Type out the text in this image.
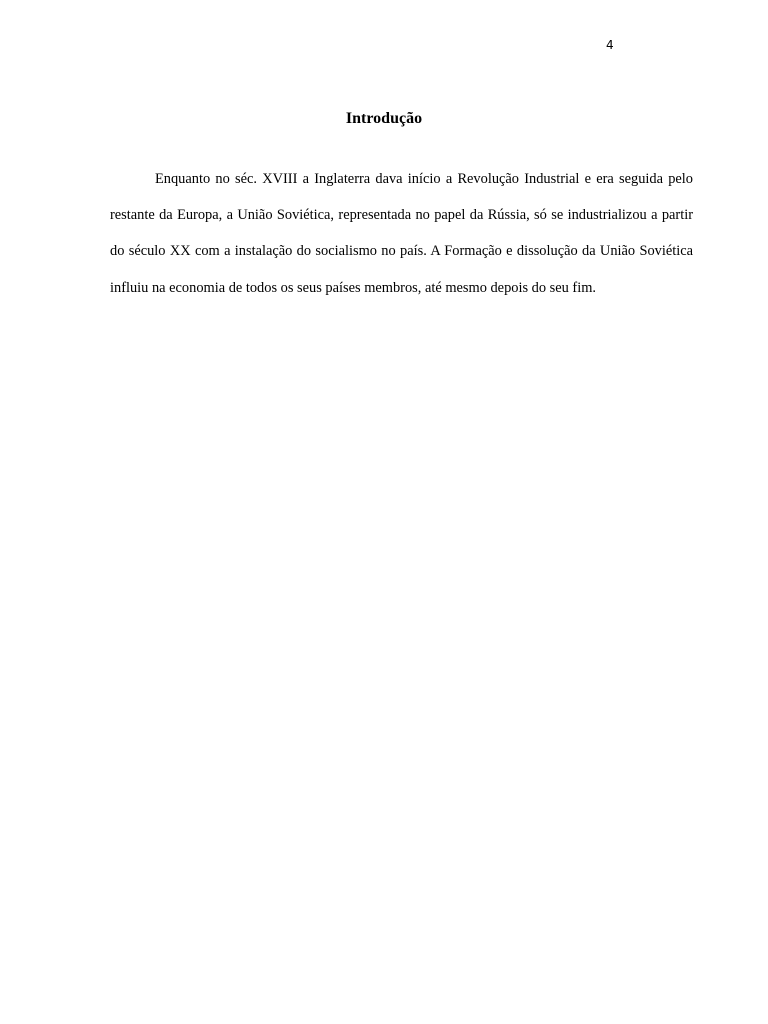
4
Introdução

Enquanto no séc. XVIII a Inglaterra dava início a Revolução Industrial e era seguida pelo restante da Europa, a União Soviética, representada no papel da Rússia, só se industrializou a partir do século XX com a instalação do socialismo no país. A Formação e dissolução da União Soviética influiu na economia de todos os seus países membros, até mesmo depois do seu fim.
